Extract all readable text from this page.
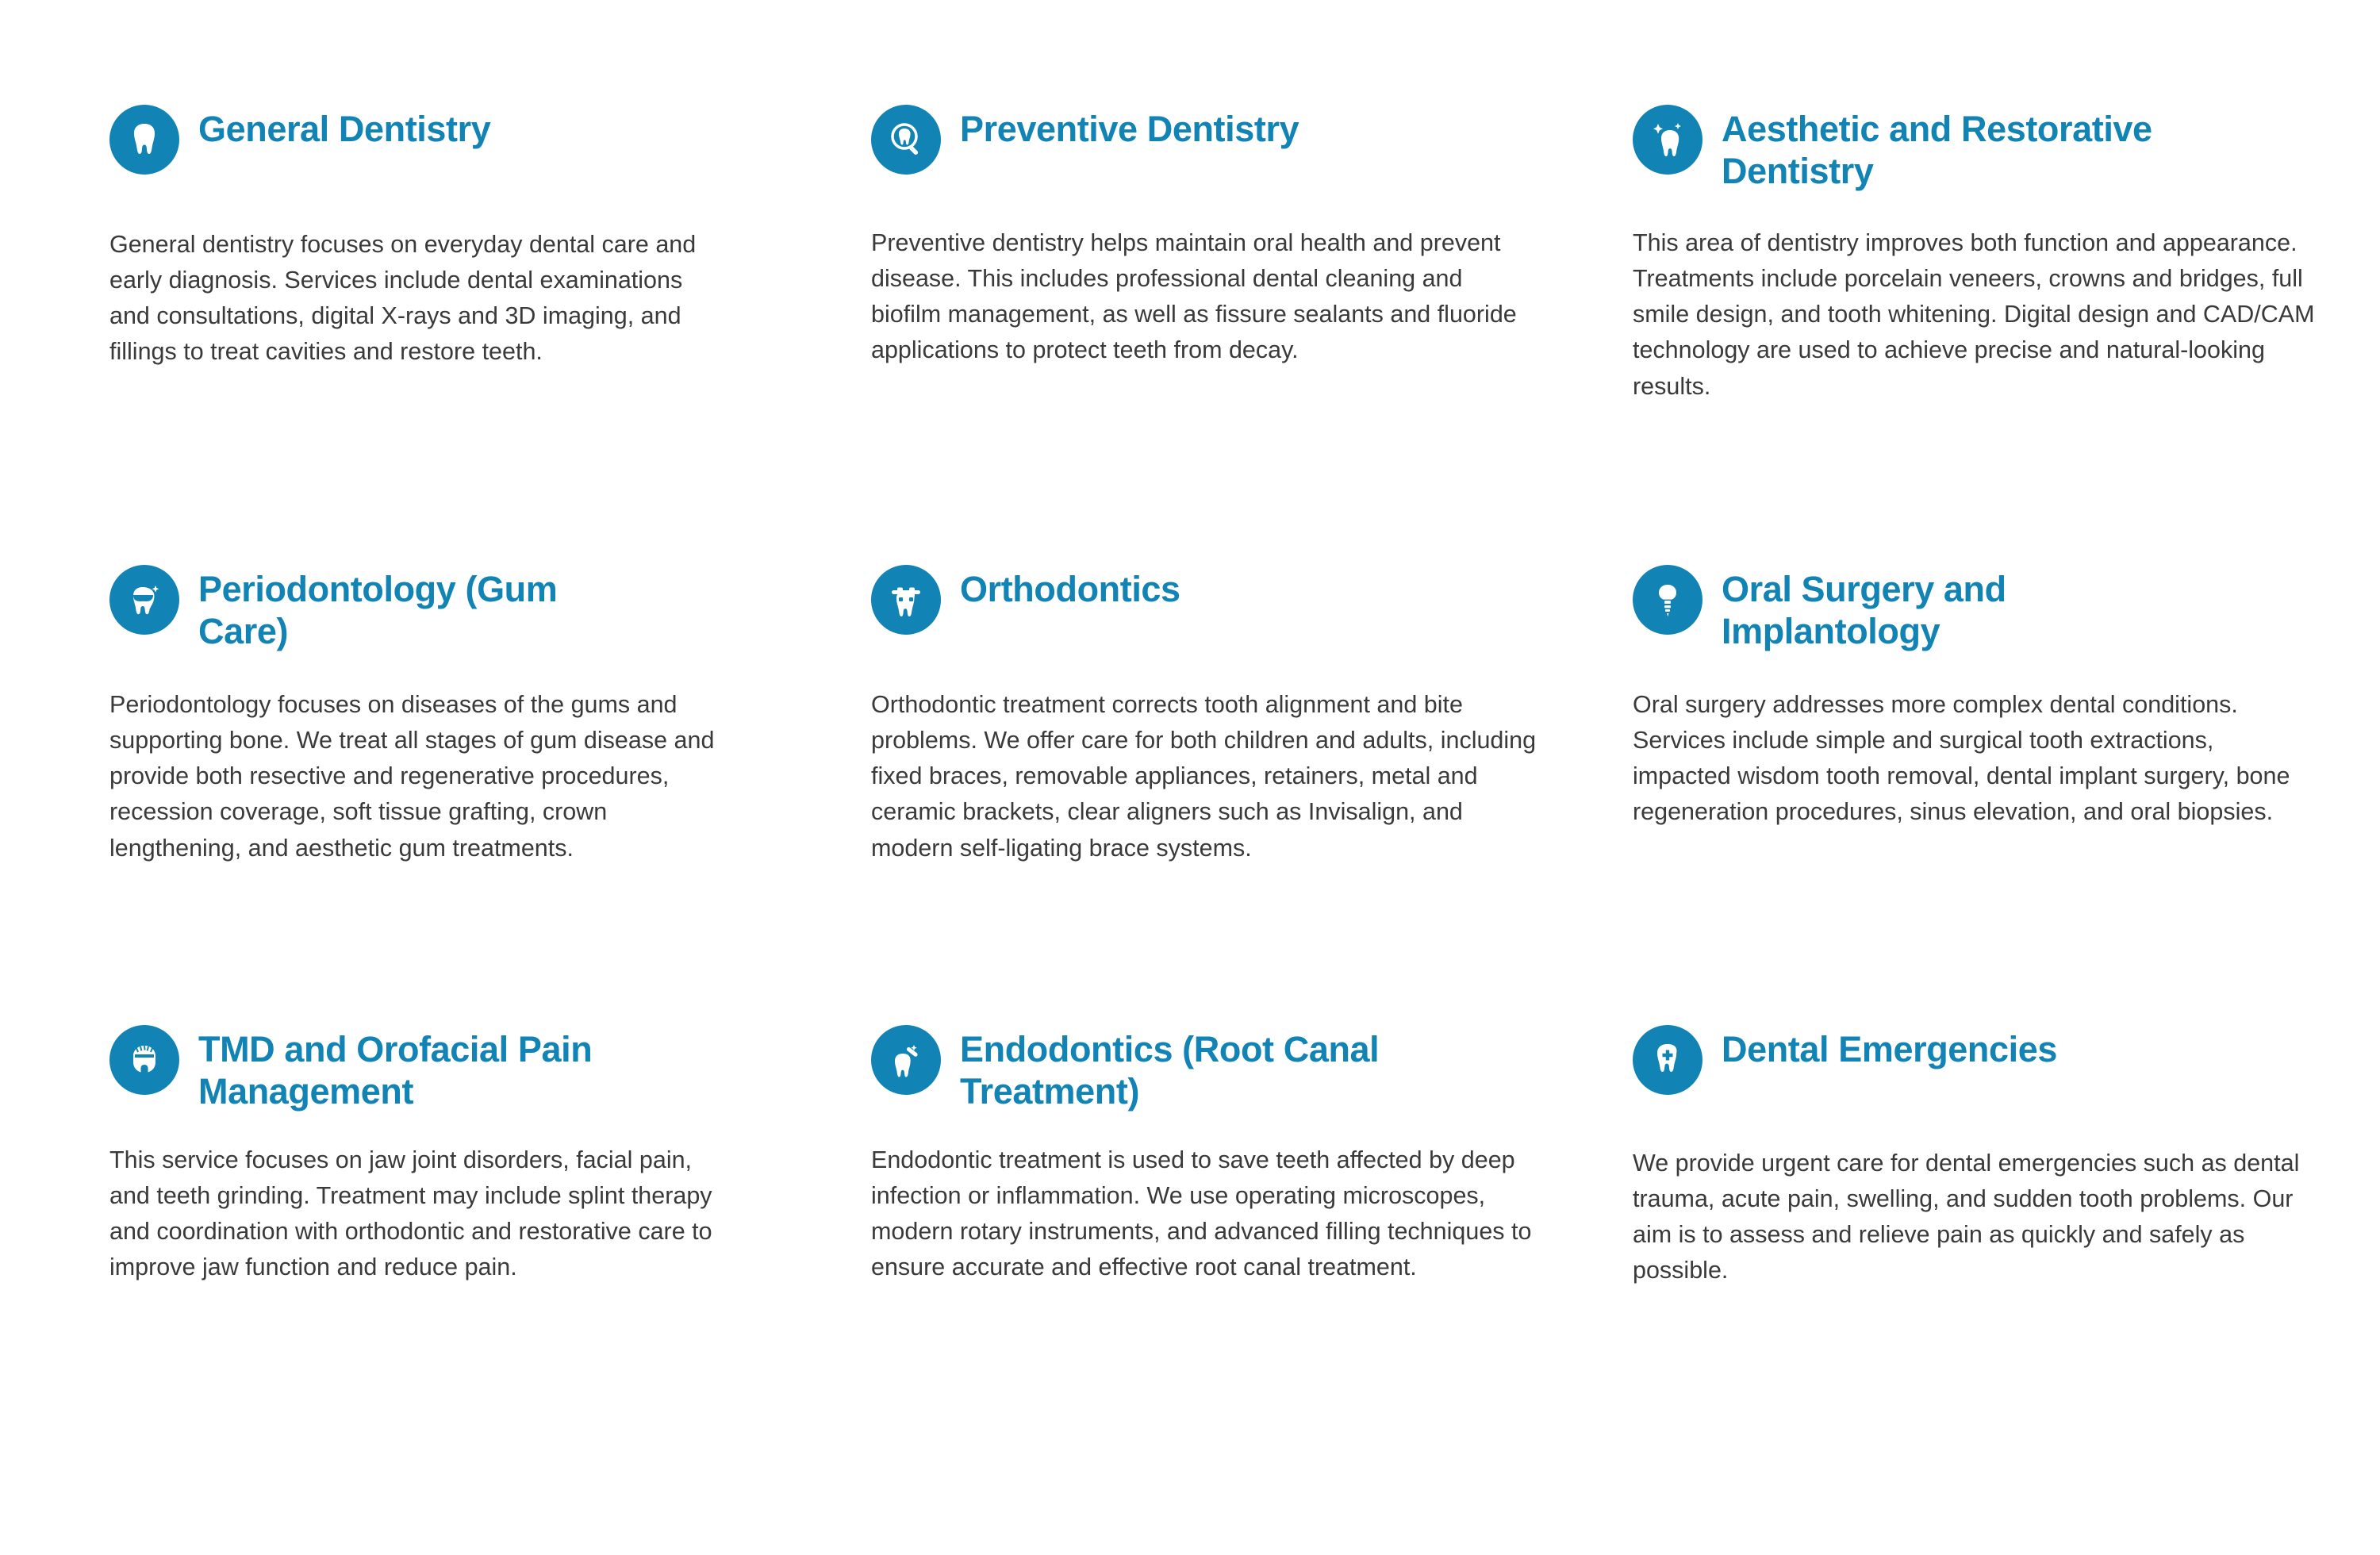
General Dentistry
General dentistry focuses on everyday dental care and early diagnosis. Services include dental examinations and consultations, digital X-rays and 3D imaging, and fillings to treat cavities and restore teeth.
Preventive Dentistry
Preventive dentistry helps maintain oral health and prevent disease. This includes professional dental cleaning and biofilm management, as well as fissure sealants and fluoride applications to protect teeth from decay.
Aesthetic and Restorative Dentistry
This area of dentistry improves both function and appearance. Treatments include porcelain veneers, crowns and bridges, full smile design, and tooth whitening. Digital design and CAD/CAM technology are used to achieve precise and natural-looking results.
Periodontology (Gum Care)
Periodontology focuses on diseases of the gums and supporting bone. We treat all stages of gum disease and provide both resective and regenerative procedures, recession coverage, soft tissue grafting, crown lengthening, and aesthetic gum treatments.
Orthodontics
Orthodontic treatment corrects tooth alignment and bite problems. We offer care for both children and adults, including fixed braces, removable appliances, retainers, metal and ceramic brackets, clear aligners such as Invisalign, and modern self-ligating brace systems.
Oral Surgery and Implantology
Oral surgery addresses more complex dental conditions. Services include simple and surgical tooth extractions, impacted wisdom tooth removal, dental implant surgery, bone regeneration procedures, sinus elevation, and oral biopsies.
TMD and Orofacial Pain Management
This service focuses on jaw joint disorders, facial pain, and teeth grinding. Treatment may include splint therapy and coordination with orthodontic and restorative care to improve jaw function and reduce pain.
Endodontics (Root Canal Treatment)
Endodontic treatment is used to save teeth affected by deep infection or inflammation. We use operating microscopes, modern rotary instruments, and advanced filling techniques to ensure accurate and effective root canal treatment.
Dental Emergencies
We provide urgent care for dental emergencies such as dental trauma, acute pain, swelling, and sudden tooth problems. Our aim is to assess and relieve pain as quickly and safely as possible.
